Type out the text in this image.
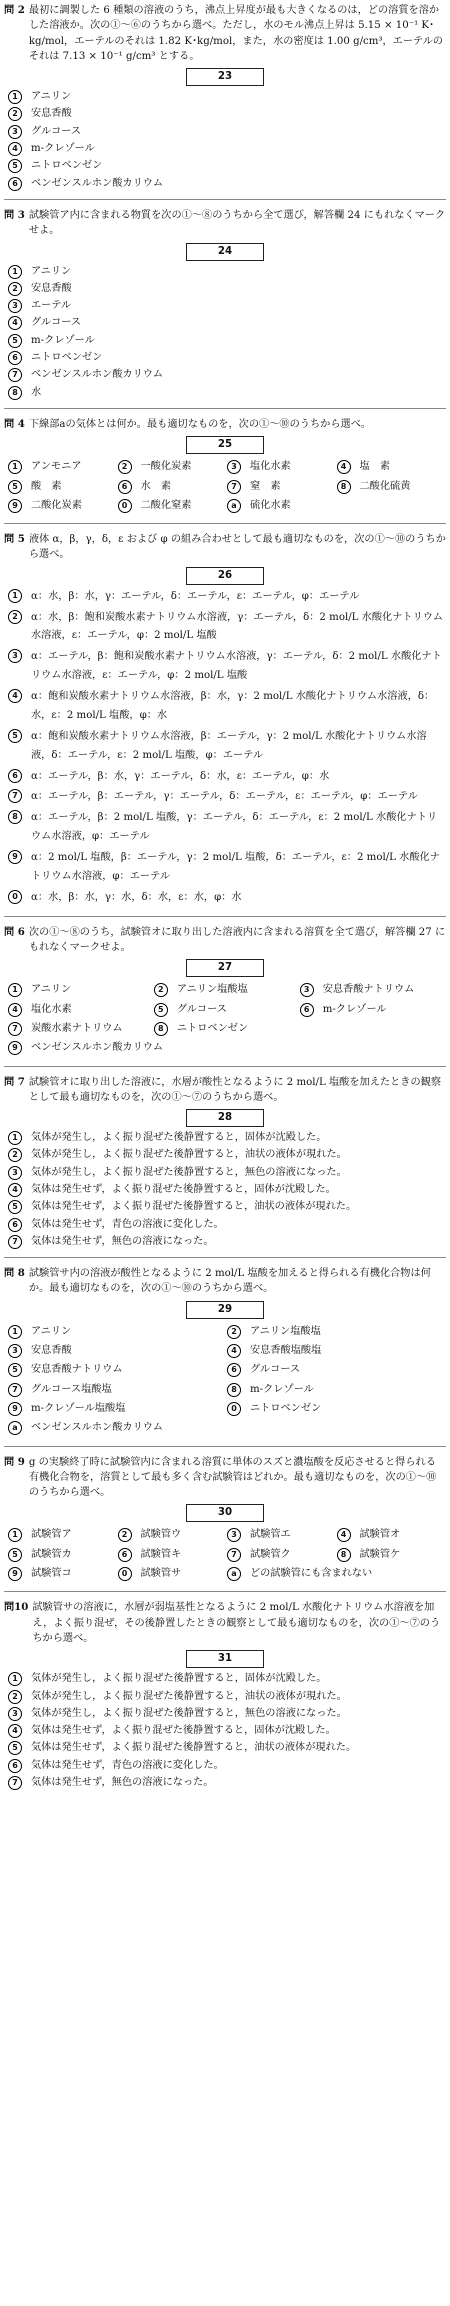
問 2 最初に調製した 6 種類の溶液のうち，沸点上昇度が最も大きくなるのは，どの溶質を溶かした溶液か。次の①～⑥のうちから選べ。ただし，水のモル沸点上昇は 5.15 × 10⁻¹ K･kg/mol，エーテルのそれは 1.82 K･kg/mol，また，水の密度は 1.00 g/cm³，エーテルのそれは 7.13 × 10⁻¹ g/cm³ とする。
23
1	アニリン
2	安息香酸
3	グルコース
4	m-クレゾール
5	ニトロベンゼン
6	ベンゼンスルホン酸カリウム
問 3 試験管ア内に含まれる物質を次の①～⑧のうちから全て選び，解答欄 24 にもれなくマークせよ。
24
1	アニリン
2	安息香酸
3	エーテル
4	グルコース
5	m-クレゾール
6	ニトロベンゼン
7	ベンゼンスルホン酸カリウム
8	水
問 4 下線部aの気体とは何か。最も適切なものを，次の①～⑩のうちから選べ。
25
1	アンモニア	2	一酸化炭素	3	塩化水素	4	塩　素
5	酸　素	6	水　素	7	窒　素	8	二酸化硫黄
9	二酸化炭素	0	二酸化窒素	a	硫化水素
問 5 液体 α，β，γ，δ，ε および φ の組み合わせとして最も適切なものを，次の①～⑩のうちから選べ。
26
1	α：水，β：水，γ：エーテル，δ：エーテル，ε：エーテル，φ：エーテル
2	α：水，β：飽和炭酸水素ナトリウム水溶液，γ：エーテル，δ：2 mol/L 水酸化ナトリウム水溶液，ε：エーテル，φ：2 mol/L 塩酸
3	α：エーテル，β：飽和炭酸水素ナトリウム水溶液，γ：エーテル，δ：2 mol/L 水酸化ナトリウム水溶液，ε：エーテル，φ：2 mol/L 塩酸
4	α：飽和炭酸水素ナトリウム水溶液，β：水，γ：2 mol/L 水酸化ナトリウム水溶液，δ：水，ε：2 mol/L 塩酸，φ：水
5	α：飽和炭酸水素ナトリウム水溶液，β：エーテル，γ：2 mol/L 水酸化ナトリウム水溶液，δ：エーテル，ε：2 mol/L 塩酸，φ：エーテル
6	α：エーテル，β：水，γ：エーテル，δ：水，ε：エーテル，φ：水
7	α：エーテル，β：エーテル，γ：エーテル，δ：エーテル，ε：エーテル，φ：エーテル
8	α：エーテル，β：2 mol/L 塩酸，γ：エーテル，δ：エーテル，ε：2 mol/L 水酸化ナトリウム水溶液，φ：エーテル
9	α：2 mol/L 塩酸，β：エーテル，γ：2 mol/L 塩酸，δ：エーテル，ε：2 mol/L 水酸化ナトリウム水溶液，φ：エーテル
0	α：水，β：水，γ：水，δ：水，ε：水，φ：水
問 6 次の①～⑧のうち，試験管オに取り出した溶液内に含まれる溶質を全て選び，解答欄 27 にもれなくマークせよ。
27
1	アニリン	2	アニリン塩酸塩	3	安息香酸ナトリウム
4	塩化水素	5	グルコース	6	m-クレゾール
7	炭酸水素ナトリウム	8	ニトロベンゼン
9	ベンゼンスルホン酸カリウム
問 7 試験管オに取り出した溶液に，水層が酸性となるように 2 mol/L 塩酸を加えたときの観察として最も適切なものを，次の①～⑦のうちから選べ。
28
1	気体が発生し，よく振り混ぜた後静置すると，固体が沈殿した。
2	気体が発生し，よく振り混ぜた後静置すると，油状の液体が現れた。
3	気体が発生し，よく振り混ぜた後静置すると，無色の溶液になった。
4	気体は発生せず，よく振り混ぜた後静置すると，固体が沈殿した。
5	気体は発生せず，よく振り混ぜた後静置すると，油状の液体が現れた。
6	気体は発生せず，青色の溶液に変化した。
7	気体は発生せず，無色の溶液になった。
問 8 試験管サ内の溶液が酸性となるように 2 mol/L 塩酸を加えると得られる有機化合物は何か。最も適切なものを，次の①～⑩のうちから選べ。
29
1	アニリン	2	アニリン塩酸塩
3	安息香酸	4	安息香酸塩酸塩
5	安息香酸ナトリウム	6	グルコース
7	グルコース塩酸塩	8	m-クレゾール
9	m-クレゾール塩酸塩	0	ニトロベンゼン
a	ベンゼンスルホン酸カリウム
問 9 g の実験終了時に試験管内に含まれる溶質に単体のスズと濃塩酸を反応させると得られる有機化合物を，溶質として最も多く含む試験管はどれか。最も適切なものを，次の①～⑩のうちから選べ。
30
1	試験管ア	2	試験管ウ	3	試験管エ	4	試験管オ
5	試験管カ	6	試験管キ	7	試験管ク	8	試験管ケ
9	試験管コ	0	試験管サ	a	どの試験管にも含まれない
問10 試験管サの溶液に，水層が弱塩基性となるように 2 mol/L 水酸化ナトリウム水溶液を加え，よく振り混ぜ，その後静置したときの観察として最も適切なものを，次の①～⑦のうちから選べ。
31
1	気体が発生し，よく振り混ぜた後静置すると，固体が沈殿した。
2	気体が発生し，よく振り混ぜた後静置すると，油状の液体が現れた。
3	気体が発生し，よく振り混ぜた後静置すると，無色の溶液になった。
4	気体は発生せず，よく振り混ぜた後静置すると，固体が沈殿した。
5	気体は発生せず，よく振り混ぜた後静置すると，油状の液体が現れた。
6	気体は発生せず，青色の溶液に変化した。
7	気体は発生せず，無色の溶液になった。
